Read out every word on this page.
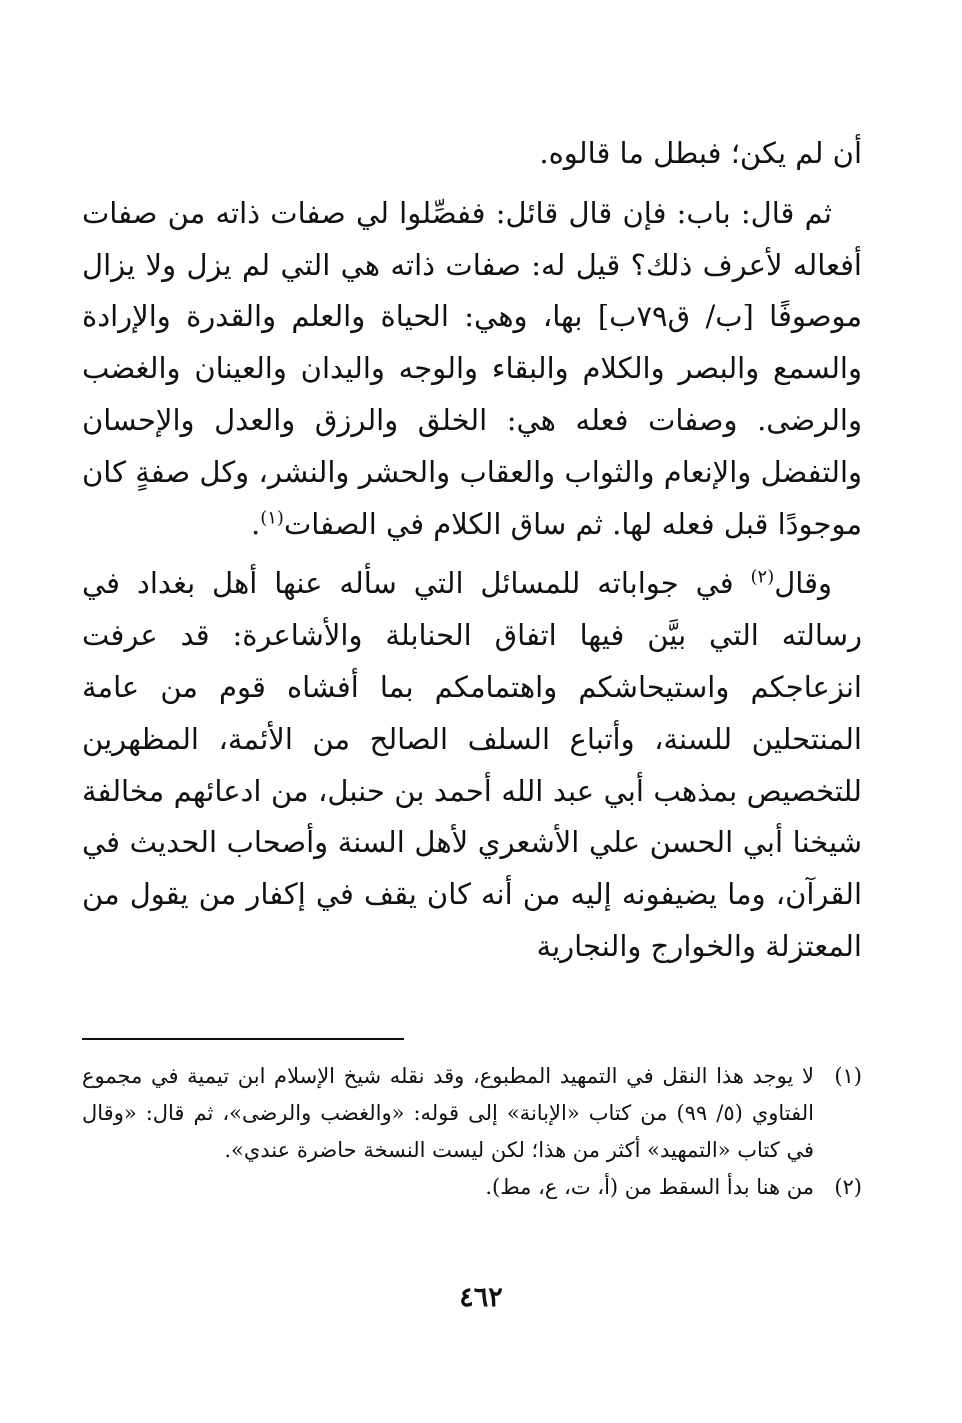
أن لم يكن؛ فبطل ما قالوه.

ثم قال: باب: فإن قال قائل: ففصِّلوا لي صفات ذاته من صفات أفعاله لأعرف ذلك؟ قيل له: صفات ذاته هي التي لم يزل ولا يزال موصوفًا [ب/ ق٧٩ب] بها، وهي: الحياة والعلم والقدرة والإرادة والسمع والبصر والكلام والبقاء والوجه واليدان والعينان والغضب والرضى. وصفات فعله هي: الخلق والرزق والعدل والإحسان والتفضل والإنعام والثواب والعقاب والحشر والنشر، وكل صفةٍ كان موجودًا قبل فعله لها. ثم ساق الكلام في الصفات$^{(١)}$.

وقال$^{(٢)}$ في جواباته للمسائل التي سأله عنها أهل بغداد في رسالته التي بيَّن فيها اتفاق الحنابلة والأشاعرة: قد عرفت انزعاجكم واستيحاشكم واهتمامكم بما أفشاه قوم من عامة المنتحلين للسنة، وأتباع السلف الصالح من الأئمة، المظهرين للتخصيص بمذهب أبي عبد الله أحمد بن حنبل، من ادعائهم مخالفة شيخنا أبي الحسن علي الأشعري لأهل السنة وأصحاب الحديث في القرآن، وما يضيفونه إليه من أنه كان يقف في إكفار من يقول من المعتزلة والخوارج والنجارية

(١)
لا يوجد هذا النقل في التمهيد المطبوع، وقد نقله شيخ الإسلام ابن تيمية في مجموع الفتاوي (٥/ ٩٩) من كتاب «الإبانة» إلى قوله: «والغضب والرضى»، ثم قال: «وقال في كتاب «التمهيد» أكثر من هذا؛ لكن ليست النسخة حاضرة عندي».
(٢)
من هنا بدأ السقط من (أ، ت، ع، مط).
٤٦٢
